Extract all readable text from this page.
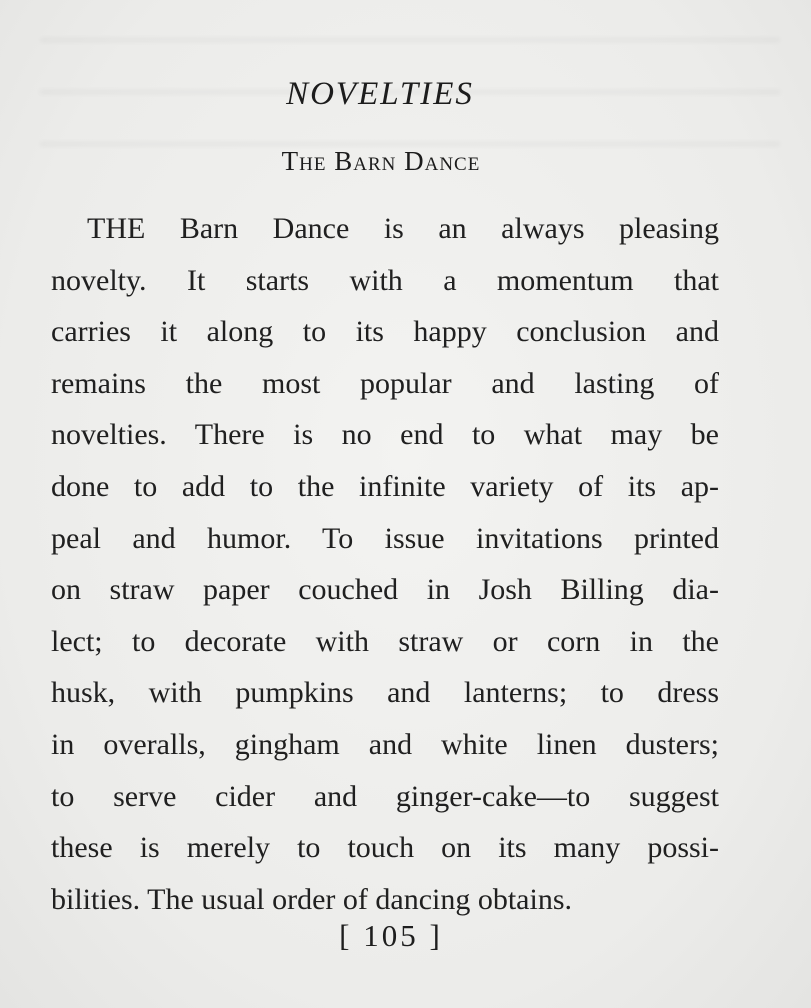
NOVELTIES
The Barn Dance
THE Barn Dance is an always pleasing
novelty. It starts with a momentum that
carries it along to its happy conclusion and
remains the most popular and lasting of
novelties. There is no end to what may be
done to add to the infinite variety of its ap-
peal and humor. To issue invitations printed
on straw paper couched in Josh Billing dia-
lect; to decorate with straw or corn in the
husk, with pumpkins and lanterns; to dress
in overalls, gingham and white linen dusters;
to serve cider and ginger-cake—to suggest
these is merely to touch on its many possi-
bilities. The usual order of dancing obtains.
[ 105 ]
